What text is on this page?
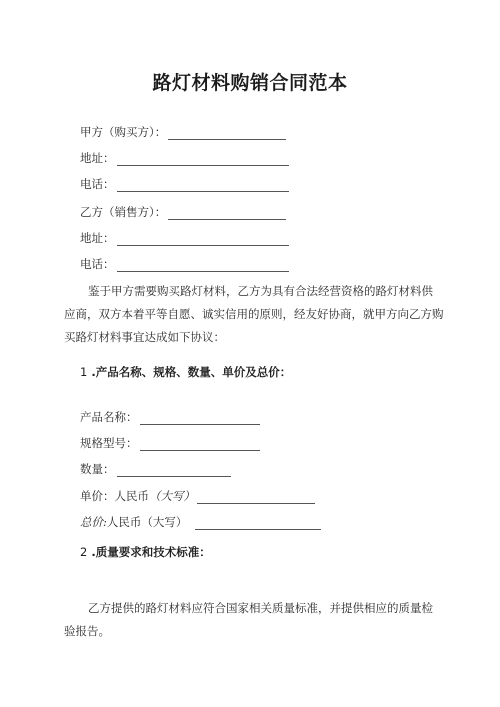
路灯材料购销合同范本
甲方（购买方）：
地址：
电话：
乙方（销售方）：
地址：
电话：

鉴于甲方需要购买路灯材料，乙方为具有合法经营资格的路灯材料供应商，双方本着平等自愿、诚实信用的原则，经友好协商，就甲方向乙方购买路灯材料事宜达成如下协议：

1 .产品名称、规格、数量、单价及总价：
产品名称：
规格型号：
数量：
单价：人民币 （大写）
总价: 人民币（大写）
2 .质量要求和技术标准：

乙方提供的路灯材料应符合国家相关质量标准，并提供相应的质量检验报告。
